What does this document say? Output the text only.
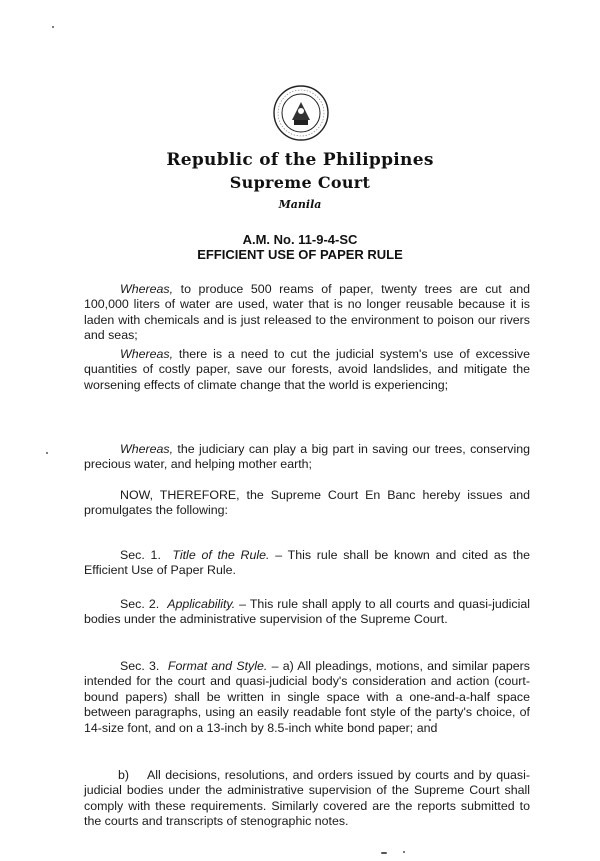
Republic of the Philippines
Supreme Court
Manila
A.M. No. 11-9-4-SC
EFFICIENT USE OF PAPER RULE

Whereas, to produce 500 reams of paper, twenty trees are cut and 100,000 liters of water are used, water that is no longer reusable because it is laden with chemicals and is just released to the environment to poison our rivers and seas;

Whereas, there is a need to cut the judicial system's use of excessive quantities of costly paper, save our forests, avoid landslides, and mitigate the worsening effects of climate change that the world is experiencing;

Whereas, the judiciary can play a big part in saving our trees, conserving precious water, and helping mother earth;

NOW, THEREFORE, the Supreme Court En Banc hereby issues and promulgates the following:

Sec. 1. Title of the Rule. – This rule shall be known and cited as the Efficient Use of Paper Rule.

Sec. 2. Applicability. – This rule shall apply to all courts and quasi-judicial bodies under the administrative supervision of the Supreme Court.

Sec. 3. Format and Style. – a) All pleadings, motions, and similar papers intended for the court and quasi-judicial body's consideration and action (court-bound papers) shall be written in single space with a one-and-a-half space between paragraphs, using an easily readable font style of the party's choice, of 14-size font, and on a 13-inch by 8.5-inch white bond paper; and

b) All decisions, resolutions, and orders issued by courts and by quasi-judicial bodies under the administrative supervision of the Supreme Court shall comply with these requirements. Similarly covered are the reports submitted to the courts and transcripts of stenographic notes.
